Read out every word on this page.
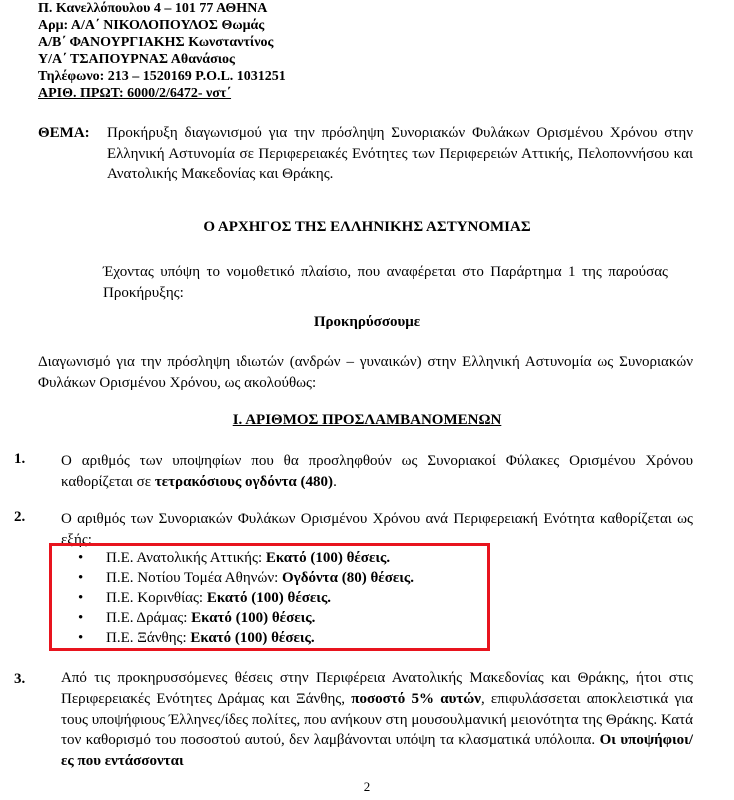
Π. Κανελλόπουλου 4 – 101 77 ΑΘΗΝΑ
Αρμ: Α/Α΄ ΝΙΚΟΛΟΠΟΥΛΟΣ Θωμάς
Α/Β΄ ΦΑΝΟΥΡΓΙΑΚΗΣ Κωνσταντίνος
Υ/Α΄ ΤΣΑΠΟΥΡΝΑΣ Αθανάσιος
Τηλέφωνο: 213 – 1520169 P.O.L. 1031251
ΑΡΙΘ. ΠΡΩΤ: 6000/2/6472- νστ΄
ΘΕΜΑ: Προκήρυξη διαγωνισμού για την πρόσληψη Συνοριακών Φυλάκων Ορισμένου Χρόνου στην Ελληνική Αστυνομία σε Περιφερειακές Ενότητες των Περιφερειών Αττικής, Πελοποννήσου και Ανατολικής Μακεδονίας και Θράκης.
Ο ΑΡΧΗΓΟΣ ΤΗΣ ΕΛΛΗΝΙΚΗΣ ΑΣΤΥΝΟΜΙΑΣ
Έχοντας υπόψη το νομοθετικό πλαίσιο, που αναφέρεται στο Παράρτημα 1 της παρούσας Προκήρυξης:
Προκηρύσσουμε
Διαγωνισμό για την πρόσληψη ιδιωτών (ανδρών – γυναικών) στην Ελληνική Αστυνομία ως Συνοριακών Φυλάκων Ορισμένου Χρόνου, ως ακολούθως:
Ι. ΑΡΙΘΜΟΣ ΠΡΟΣΛΑΜΒΑΝΟΜΕΝΩΝ
1. Ο αριθμός των υποψηφίων που θα προσληφθούν ως Συνοριακοί Φύλακες Ορισμένου Χρόνου καθορίζεται σε τετρακόσιους ογδόντα (480).
2. Ο αριθμός των Συνοριακών Φυλάκων Ορισμένου Χρόνου ανά Περιφερειακή Ενότητα καθορίζεται ως εξής:
• Π.Ε. Ανατολικής Αττικής: Εκατό (100) θέσεις.
• Π.Ε. Νοτίου Τομέα Αθηνών: Ογδόντα (80) θέσεις.
• Π.Ε. Κορινθίας: Εκατό (100) θέσεις.
• Π.Ε. Δράμας: Εκατό (100) θέσεις.
• Π.Ε. Ξάνθης: Εκατό (100) θέσεις.
3. Από τις προκηρυσσόμενες θέσεις στην Περιφέρεια Ανατολικής Μακεδονίας και Θράκης, ήτοι στις Περιφερειακές Ενότητες Δράμας και Ξάνθης, ποσοστό 5% αυτών, επιφυλάσσεται αποκλειστικά για τους υποψήφιους Έλληνες/ίδες πολίτες, που ανήκουν στη μουσουλμανική μειονότητα της Θράκης. Κατά τον καθορισμό του ποσοστού αυτού, δεν λαμβάνονται υπόψη τα κλασματικά υπόλοιπα. Οι υποψήφιοι/ες που εντάσσονται
2
